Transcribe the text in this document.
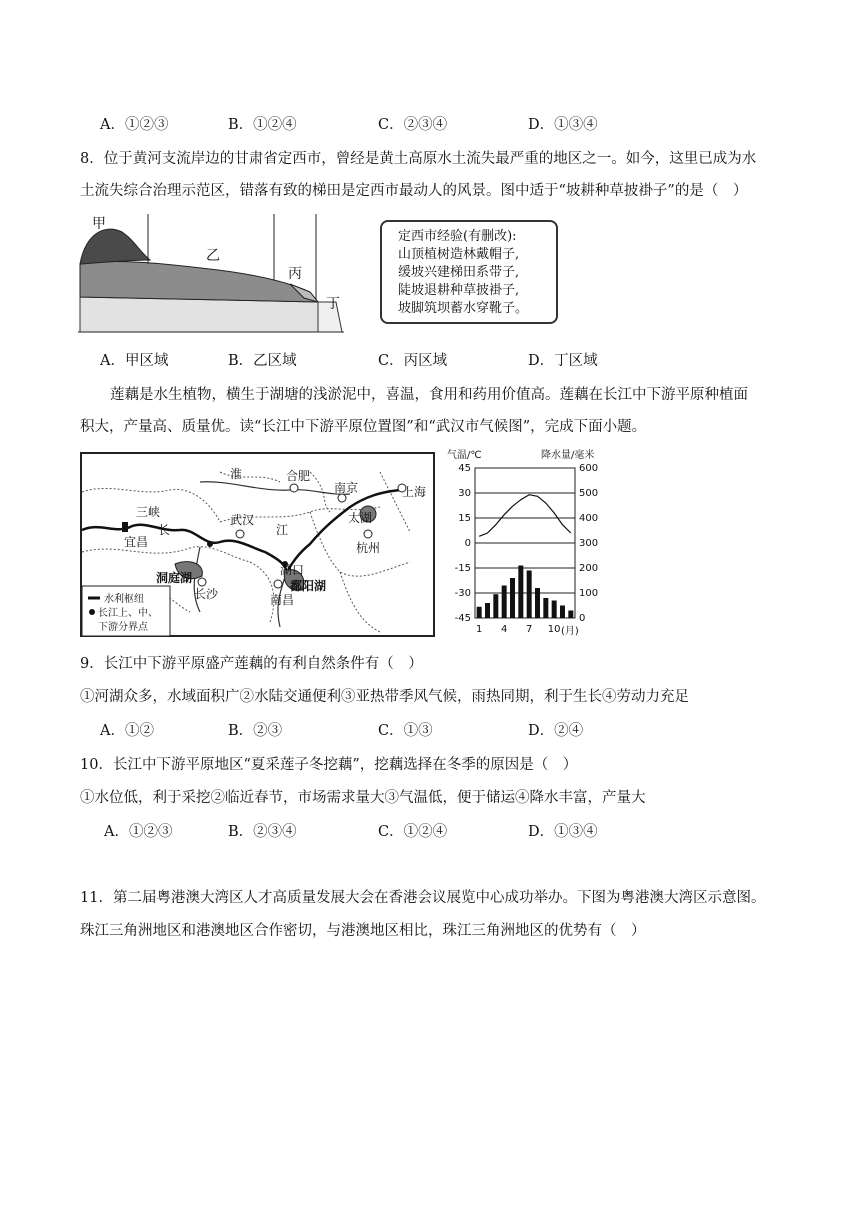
A．①②③	B．①②④	C．②③④	D．①③④
8．位于黄河支流岸边的甘肃省定西市，曾经是黄土高原水土流失最严重的地区之一。如今，这里已成为水
土流失综合治理示范区，错落有致的梯田是定西市最动人的风景。图中适于“坡耕种草披褂子”的是（　）
甲
乙
丙
丁
定西市经验(有删改):
山顶植树造林戴帽子,
缓坡兴建梯田系带子,
陡坡退耕种草披褂子,
坡脚筑坝蓄水穿靴子。
A．甲区域	B．乙区域	C．丙区域	D．丁区域
莲藕是水生植物，横生于湖塘的浅淤泥中，喜温，食用和药用价值高。莲藕在长江中下游平原种植面
积大，产量高、质量优。读“长江中下游平原位置图”和“武汉市气候图”，完成下面小题。
淮	合肥
南京	上海
太湖
三峡
宜昌
长
武汉
江
杭州
洞庭湖
湖口
鄱阳湖
长沙	南昌
水利枢纽
长江上、中、
下游分界点
气温/℃	降水量/毫米
45
30
15
0
-15
-30
-45
600
500
400
300
200
100
0
1 4 7 10 (月)
9．长江中下游平原盛产莲藕的有利自然条件有（　）
①河湖众多，水域面积广②水陆交通便利③亚热带季风气候，雨热同期，利于生长④劳动力充足
A．①②	B．②③	C．①③	D．②④
10．长江中下游平原地区“夏采莲子冬挖藕”，挖藕选择在冬季的原因是（　）
①水位低，利于采挖②临近春节，市场需求量大③气温低，便于储运④降水丰富，产量大
A．①②③	B．②③④	C．①②④	D．①③④
11．第二届粤港澳大湾区人才高质量发展大会在香港会议展览中心成功举办。下图为粤港澳大湾区示意图。
珠江三角洲地区和港澳地区合作密切，与港澳地区相比，珠江三角洲地区的优势有（　）
